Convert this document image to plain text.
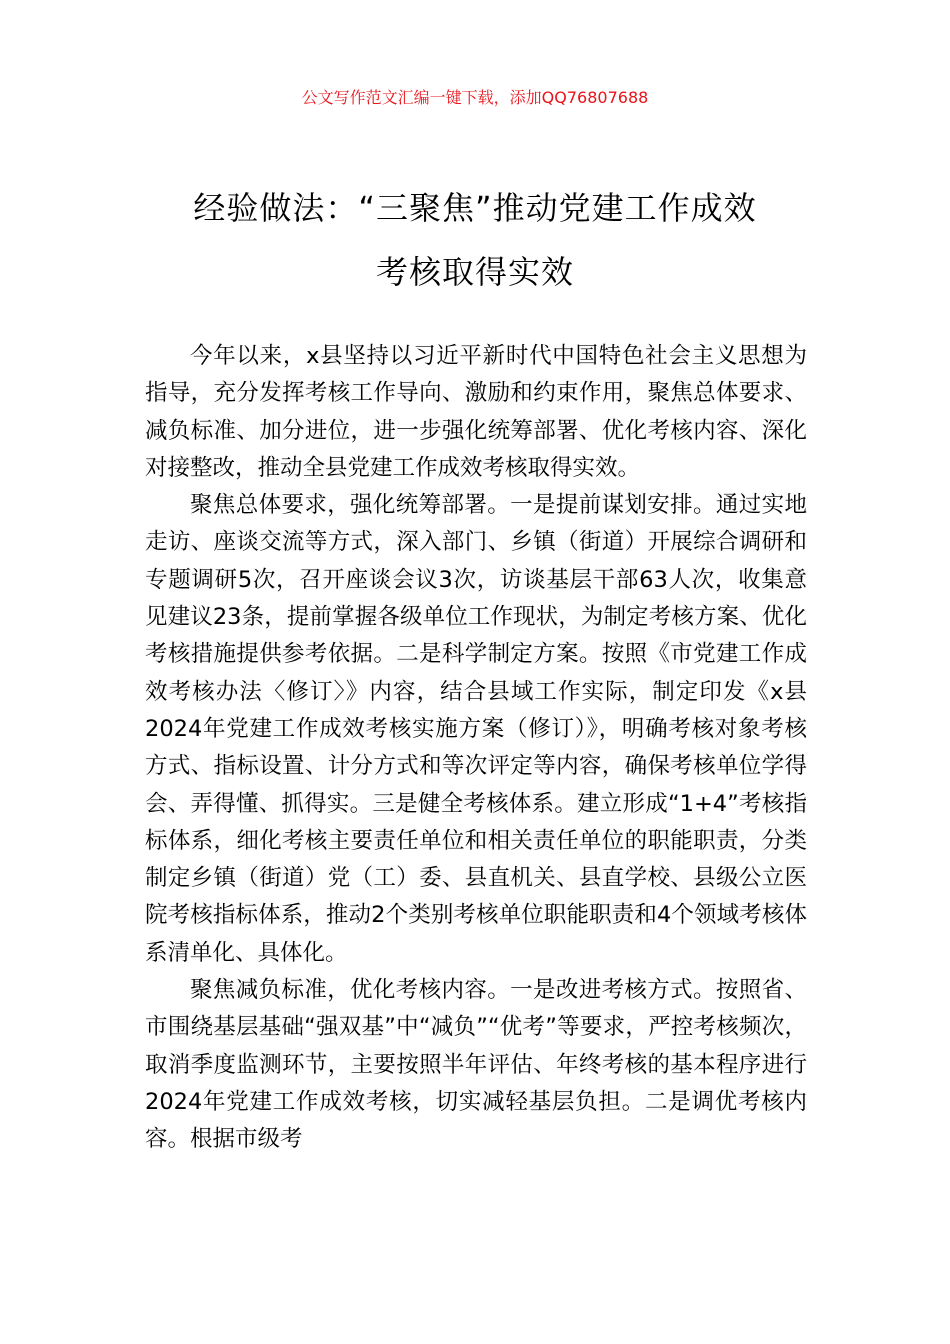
公文写作范文汇编一键下载，添加QQ76807688
经验做法：“三聚焦”推动党建工作成效
考核取得实效

今年以来，x县坚持以习近平新时代中国特色社会主义思想为指导，充分发挥考核工作导向、激励和约束作用，聚焦总体要求、减负标准、加分进位，进一步强化统筹部署、优化考核内容、深化对接整改，推动全县党建工作成效考核取得实效。

聚焦总体要求，强化统筹部署。一是提前谋划安排。通过实地走访、座谈交流等方式，深入部门、乡镇（街道）开展综合调研和专题调研5次，召开座谈会议3次，访谈基层干部63人次，收集意见建议23条，提前掌握各级单位工作现状，为制定考核方案、优化考核措施提供参考依据。二是科学制定方案。按照《市党建工作成效考核办法〈修订〉》内容，结合县域工作实际，制定印发《x县2024年党建工作成效考核实施方案（修订）》，明确考核对象考核方式、指标设置、计分方式和等次评定等内容，确保考核单位学得会、弄得懂、抓得实。三是健全考核体系。建立形成“1+4”考核指标体系，细化考核主要责任单位和相关责任单位的职能职责，分类制定乡镇（街道）党（工）委、县直机关、县直学校、县级公立医院考核指标体系，推动2个类别考核单位职能职责和4个领域考核体系清单化、具体化。

聚焦减负标准，优化考核内容。一是改进考核方式。按照省、市围绕基层基础“强双基”中“减负”“优考”等要求，严控考核频次，取消季度监测环节，主要按照半年评估、年终考核的基本程序进行2024年党建工作成效考核，切实减轻基层负担。二是调优考核内容。根据市级考
